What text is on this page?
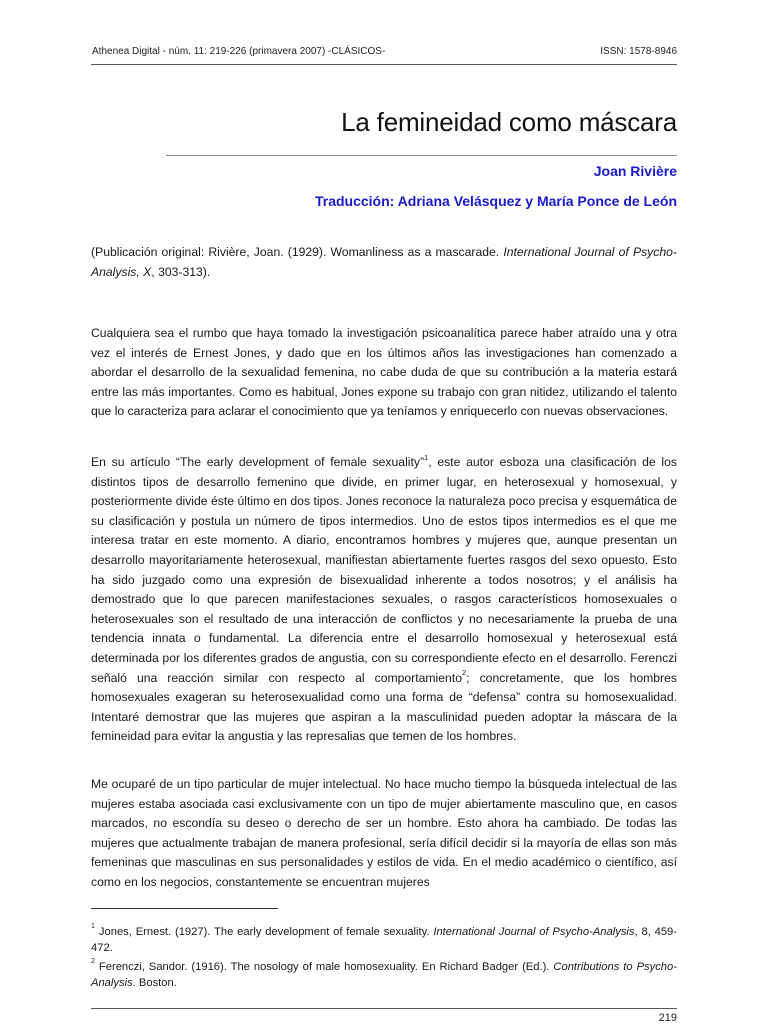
Athenea Digital - núm. 11: 219-226 (primavera 2007) -CLÁSICOS-	ISSN: 1578-8946
La femineidad como máscara
Joan Rivière
Traducción: Adriana Velásquez y María Ponce de León

(Publicación original: Rivière, Joan. (1929). Womanliness as a mascarade. International Journal of Psycho-Analysis, X, 303-313).

Cualquiera sea el rumbo que haya tomado la investigación psicoanalítica parece haber atraído una y otra vez el interés de Ernest Jones, y dado que en los últimos años las investigaciones han comenzado a abordar el desarrollo de la sexualidad femenina, no cabe duda de que su contribución a la materia estará entre las más importantes. Como es habitual, Jones expone su trabajo con gran nitidez, utilizando el talento que lo caracteriza para aclarar el conocimiento que ya teníamos y enriquecerlo con nuevas observaciones.

En su artículo “The early development of female sexuality”$^1$, este autor esboza una clasificación de los distintos tipos de desarrollo femenino que divide, en primer lugar, en heterosexual y homosexual, y posteriormente divide éste último en dos tipos. Jones reconoce la naturaleza poco precisa y esquemática de su clasificación y postula un número de tipos intermedios. Uno de estos tipos intermedios es el que me interesa tratar en este momento. A diario, encontramos hombres y mujeres que, aunque presentan un desarrollo mayoritariamente heterosexual, manifiestan abiertamente fuertes rasgos del sexo opuesto. Esto ha sido juzgado como una expresión de bisexualidad inherente a todos nosotros; y el análisis ha demostrado que lo que parecen manifestaciones sexuales, o rasgos característicos homosexuales o heterosexuales son el resultado de una interacción de conflictos y no necesariamente la prueba de una tendencia innata o fundamental. La diferencia entre el desarrollo homosexual y heterosexual está determinada por los diferentes grados de angustia, con su correspondiente efecto en el desarrollo. Ferenczi señaló una reacción similar con respecto al comportamiento$^2$; concretamente, que los hombres homosexuales exageran su heterosexualidad como una forma de “defensa” contra su homosexualidad. Intentaré demostrar que las mujeres que aspiran a la masculinidad pueden adoptar la máscara de la femineidad para evitar la angustia y las represalias que temen de los hombres.

Me ocuparé de un tipo particular de mujer intelectual. No hace mucho tiempo la búsqueda intelectual de las mujeres estaba asociada casi exclusivamente con un tipo de mujer abiertamente masculino que, en casos marcados, no escondía su deseo o derecho de ser un hombre. Esto ahora ha cambiado. De todas las mujeres que actualmente trabajan de manera profesional, sería difícil decidir si la mayoría de ellas son más femeninas que masculinas en sus personalidades y estilos de vida. En el medio académico o científico, así como en los negocios, constantemente se encuentran mujeres

$^1$ Jones, Ernest. (1927). The early development of female sexuality. International Journal of Psycho-Analysis, 8, 459-472.

$^2$ Ferenczi, Sandor. (1916). The nosology of male homosexuality. En Richard Badger (Ed.). Contributions to Psycho-Analysis. Boston.

219
